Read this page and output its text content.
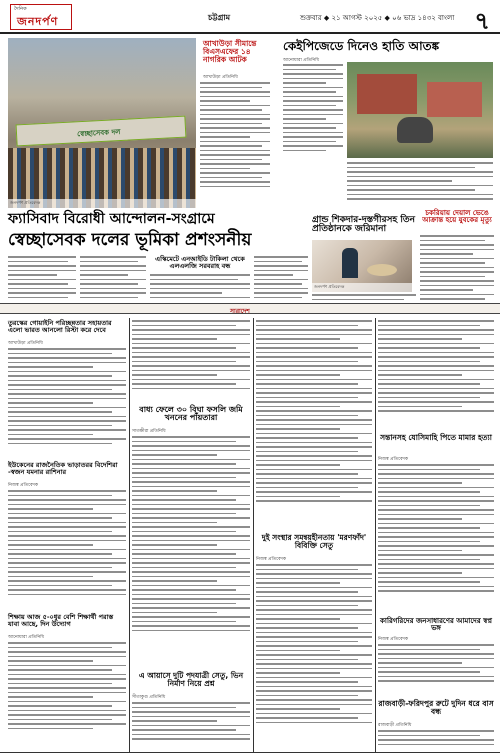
দৈনিক
জনদর্পণ	চট্টগ্রাম	শুক্রবার ◆ ২১ আগস্ট ২০২৫ ◆ ০৬ ভাদ্র ১৪৩২ বাংলা ৭
স্বেচ্ছাসেবক দল
জনদর্পণ প্রতিবেদক
আখাউড়া সীমান্তে বিএসএফের ১৪ নাগরিক আটক
আখাউড়া প্রতিনিধি
কেইপিজেডে দিনেও হাতি আতঙ্ক
আনোয়ারা প্রতিনিধি
ফ্যাসিবাদ বিরোধী আন্দোলন-সংগ্রামে
স্বেচ্ছাসেবক দলের ভূমিকা প্রশংসনীয়
চকরিয়ায় দেয়াল ভেঙে আক্রান্ত হয়ে যুবকের মৃত্যু
গ্রান্ড শিকদার-দস্তগীরসহ তিন প্রতিষ্ঠানকে জরিমানা
জনদর্পণ প্রতিবেদক
এস্কিমেটে এনআইডি টাকিলা থেকে এলএলজি সরবরাহ বন্ধ
সারাদেশ
তুরস্কের গোয়াইনি পরিচ্ছন্নতার সহায়তার এলো ভারত আনলো রিস্টা করে দেবে
আখাউড়া প্রতিনিধি
ইউকেনের রাজনৈতিক ভাড়াতরর বিদেশিরা -স্বজন যমনার রাশিনার
নিজস্ব প্রতিবেদক
শিক্ষায় আজ ৫-০ধুর বেশি শিক্ষার্থী পরাস্ত যাবা আছে, দিন উদ্যোগ
আনোয়ারা প্রতিনিধি
বাধ্য ফেলে ৩০ বিঘা ফসলি জমি খননের পাঁয়তারা
সাতক্ষীরা প্রতিনিধি
এ আয়াসে দুটি পদযাত্রী সেতু, ভিন নির্মাণ নিয়ে প্রশ্ন
সীতাকুণ্ড প্রতিনিধি
দুই সংস্থার সমন্বয়হীনতায় 'মরণফাঁদ' বিবিক্তি সেতু
নিজস্ব প্রতিবেদক
সন্তানসহ যোসিমাহি পিতে মামার হত্যা
নিজস্ব প্রতিবেদক
কারিগরিদের জনসাধারণের আমাদের স্বপ্ন ভঙ্গ
নিজস্ব প্রতিবেদক
রাজবাড়ী-ফরিদপুর রুটে দুদিন ধরে বাস বন্ধ
রাজবাড়ী প্রতিনিধি
